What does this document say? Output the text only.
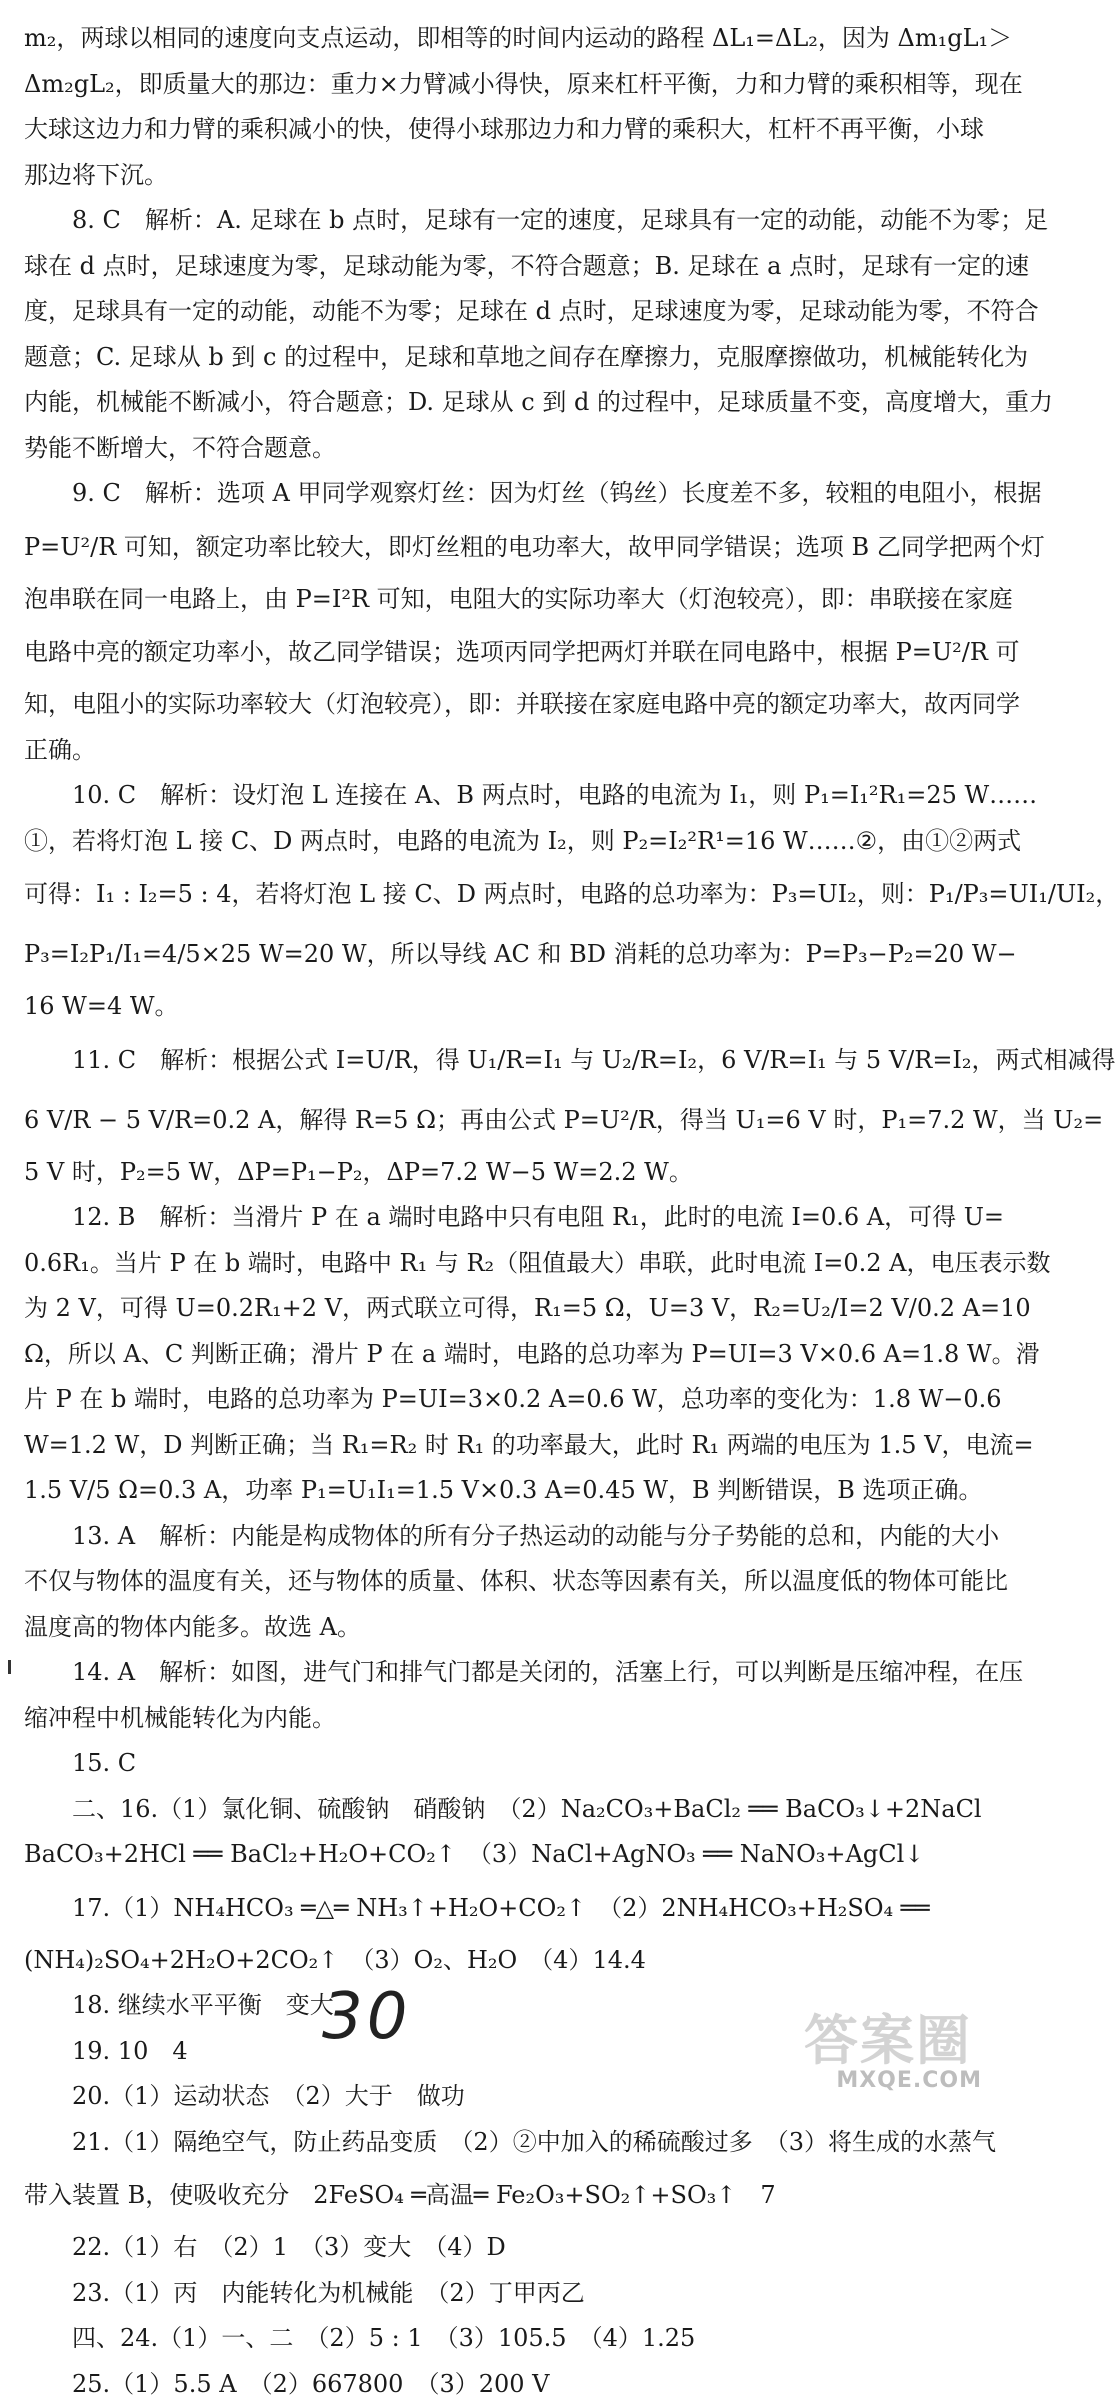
m₂，两球以相同的速度向支点运动，即相等的时间内运动的路程 ΔL₁=ΔL₂，因为 Δm₁gL₁＞
Δm₂gL₂，即质量大的那边：重力×力臂减小得快，原来杠杆平衡，力和力臂的乘积相等，现在
大球这边力和力臂的乘积减小的快，使得小球那边力和力臂的乘积大，杠杆不再平衡，小球
那边将下沉。
8. C　解析：A. 足球在 b 点时，足球有一定的速度，足球具有一定的动能，动能不为零；足
球在 d 点时，足球速度为零，足球动能为零，不符合题意；B. 足球在 a 点时，足球有一定的速
度，足球具有一定的动能，动能不为零；足球在 d 点时，足球速度为零，足球动能为零，不符合
题意；C. 足球从 b 到 c 的过程中，足球和草地之间存在摩擦力，克服摩擦做功，机械能转化为
内能，机械能不断减小，符合题意；D. 足球从 c 到 d 的过程中，足球质量不变，高度增大，重力
势能不断增大，不符合题意。
9. C　解析：选项 A 甲同学观察灯丝：因为灯丝（钨丝）长度差不多，较粗的电阻小，根据
P=U²/R 可知，额定功率比较大，即灯丝粗的电功率大，故甲同学错误；选项 B 乙同学把两个灯
泡串联在同一电路上，由 P=I²R 可知，电阻大的实际功率大（灯泡较亮），即：串联接在家庭
电路中亮的额定功率小，故乙同学错误；选项丙同学把两灯并联在同电路中，根据 P=U²/R 可
知，电阻小的实际功率较大（灯泡较亮），即：并联接在家庭电路中亮的额定功率大，故丙同学
正确。
10. C　解析：设灯泡 L 连接在 A、B 两点时，电路的电流为 I₁，则 P₁=I₁²R₁=25 W……
①，若将灯泡 L 接 C、D 两点时，电路的电流为 I₂，则 P₂=I₂²R¹=16 W……②，由①②两式
可得：I₁ : I₂=5 : 4，若将灯泡 L 接 C、D 两点时，电路的总功率为：P₃=UI₂，则：P₁/P₃=UI₁/UI₂，
P₃=I₂P₁/I₁=4/5×25 W=20 W，所以导线 AC 和 BD 消耗的总功率为：P=P₃−P₂=20 W−
16 W=4 W。
11. C　解析：根据公式 I=U/R，得 U₁/R=I₁ 与 U₂/R=I₂，6 V/R=I₁ 与 5 V/R=I₂，两式相减得
6 V/R − 5 V/R=0.2 A，解得 R=5 Ω；再由公式 P=U²/R，得当 U₁=6 V 时，P₁=7.2 W，当 U₂=
5 V 时，P₂=5 W，ΔP=P₁−P₂，ΔP=7.2 W−5 W=2.2 W。
12. B　解析：当滑片 P 在 a 端时电路中只有电阻 R₁，此时的电流 I=0.6 A，可得 U=
0.6R₁。当片 P 在 b 端时，电路中 R₁ 与 R₂（阻值最大）串联，此时电流 I=0.2 A，电压表示数
为 2 V，可得 U=0.2R₁+2 V，两式联立可得，R₁=5 Ω，U=3 V，R₂=U₂/I=2 V/0.2 A=10
Ω，所以 A、C 判断正确；滑片 P 在 a 端时，电路的总功率为 P=UI=3 V×0.6 A=1.8 W。滑
片 P 在 b 端时，电路的总功率为 P=UI=3×0.2 A=0.6 W，总功率的变化为：1.8 W−0.6
W=1.2 W，D 判断正确；当 R₁=R₂ 时 R₁ 的功率最大，此时 R₁ 两端的电压为 1.5 V，电流=
1.5 V/5 Ω=0.3 A，功率 P₁=U₁I₁=1.5 V×0.3 A=0.45 W，B 判断错误，B 选项正确。
13. A　解析：内能是构成物体的所有分子热运动的动能与分子势能的总和，内能的大小
不仅与物体的温度有关，还与物体的质量、体积、状态等因素有关，所以温度低的物体可能比
温度高的物体内能多。故选 A。
14. A　解析：如图，进气门和排气门都是关闭的，活塞上行，可以判断是压缩冲程，在压
缩冲程中机械能转化为内能。
15. C
二、16.（1）氯化铜、硫酸钠　硝酸钠　（2）Na₂CO₃+BaCl₂ ══ BaCO₃↓+2NaCl
BaCO₃+2HCl ══ BaCl₂+H₂O+CO₂↑　（3）NaCl+AgNO₃ ══ NaNO₃+AgCl↓
17.（1）NH₄HCO₃ ═△═ NH₃↑+H₂O+CO₂↑　（2）2NH₄HCO₃+H₂SO₄ ══
(NH₄)₂SO₄+2H₂O+2CO₂↑　（3）O₂、H₂O　（4）14.4
18. 继续水平平衡　变大
19. 10　4
20.（1）运动状态　（2）大于　做功
21.（1）隔绝空气，防止药品变质　（2）②中加入的稀硫酸过多　（3）将生成的水蒸气
带入装置 B，使吸收充分　2FeSO₄ ═高温═ Fe₂O₃+SO₂↑+SO₃↑　7
22.（1）右　（2）1　（3）变大　（4）D
23.（1）丙　内能转化为机械能　（2）丁甲丙乙
四、24.（1）一、二　（2）5 : 1　（3）105.5　（4）1.25
25.（1）5.5 A　（2）667800　（3）200 V
30	答案圈
MXQE.COM
